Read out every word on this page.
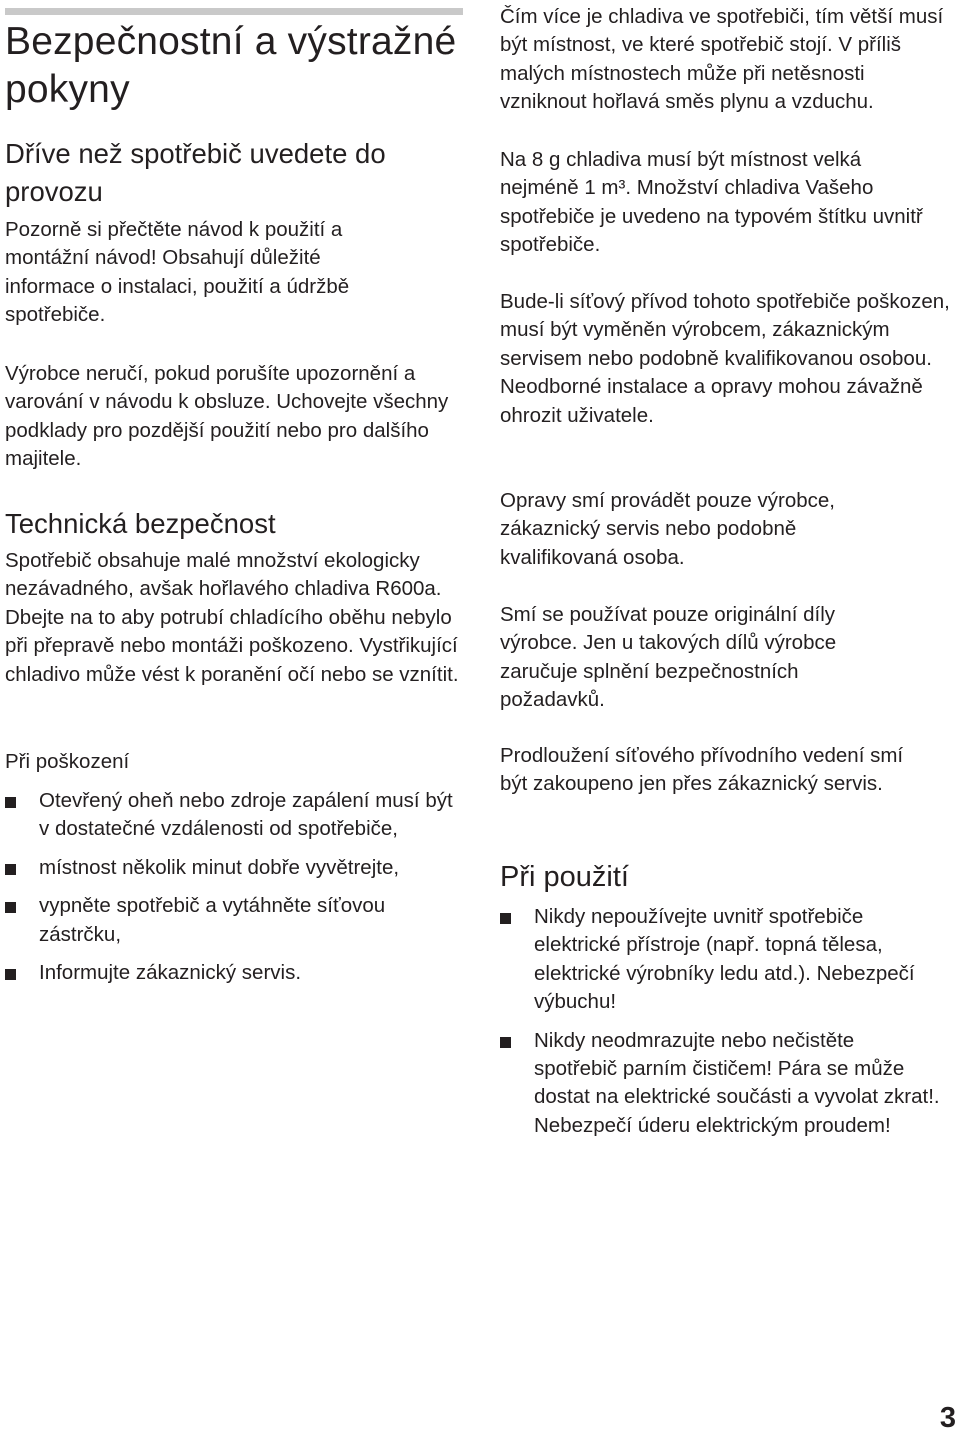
Bezpečnostní a výstražné pokyny
Dříve než spotřebič uvedete do provozu

Pozorně si přečtěte návod k použití a montážní návod! Obsahují důležité informace o instalaci, použití a údržbě spotřebiče.

Výrobce neručí, pokud porušíte upozornění a varování v návodu k obsluze. Uchovejte všechny podklady pro pozdější použití nebo pro dalšího majitele.

Technická bezpečnost

Spotřebič obsahuje malé množství ekologicky nezávadného, avšak hořlavého chladiva R600a. Dbejte na to aby potrubí chladícího oběhu nebylo při přepravě nebo montáži poškozeno. Vystřikující chladivo může vést k poranění očí nebo se vznítit.

Při poškození

Otevřený oheň nebo zdroje zapálení musí být v dostatečné vzdálenosti od spotřebiče,
místnost několik minut dobře vyvětrejte,
vypněte spotřebič a vytáhněte síťovou zástrčku,
Informujte zákaznický servis.

Čím více je chladiva ve spotřebiči, tím větší musí být místnost, ve které spotřebič stojí. V příliš malých místnostech může při netěsnosti vzniknout hořlavá směs plynu a vzduchu.

Na 8 g chladiva musí být místnost velká nejméně 1 m³. Množství chladiva Vašeho spotřebiče je uvedeno na typovém štítku uvnitř spotřebiče.

Bude-li síťový přívod tohoto spotřebiče poškozen, musí být vyměněn výrobcem, zákaznickým servisem nebo podobně kvalifikovanou osobou. Neodborné instalace a opravy mohou závažně ohrozit uživatele.

Opravy smí provádět pouze výrobce, zákaznický servis nebo podobně kvalifikovaná osoba.

Smí se používat pouze originální díly výrobce. Jen u takových dílů výrobce zaručuje splnění bezpečnostních požadavků.

Prodloužení síťového přívodního vedení smí být zakoupeno jen přes zákaznický servis.

Při použití
Nikdy nepoužívejte uvnitř spotřebiče elektrické přístroje (např. topná tělesa, elektrické výrobníky ledu atd.). Nebezpečí výbuchu!
Nikdy neodmrazujte nebo nečistěte spotřebič parním čističem! Pára se může dostat na elektrické součásti a vyvolat zkrat!. Nebezpečí úderu elektrickým proudem!
3
